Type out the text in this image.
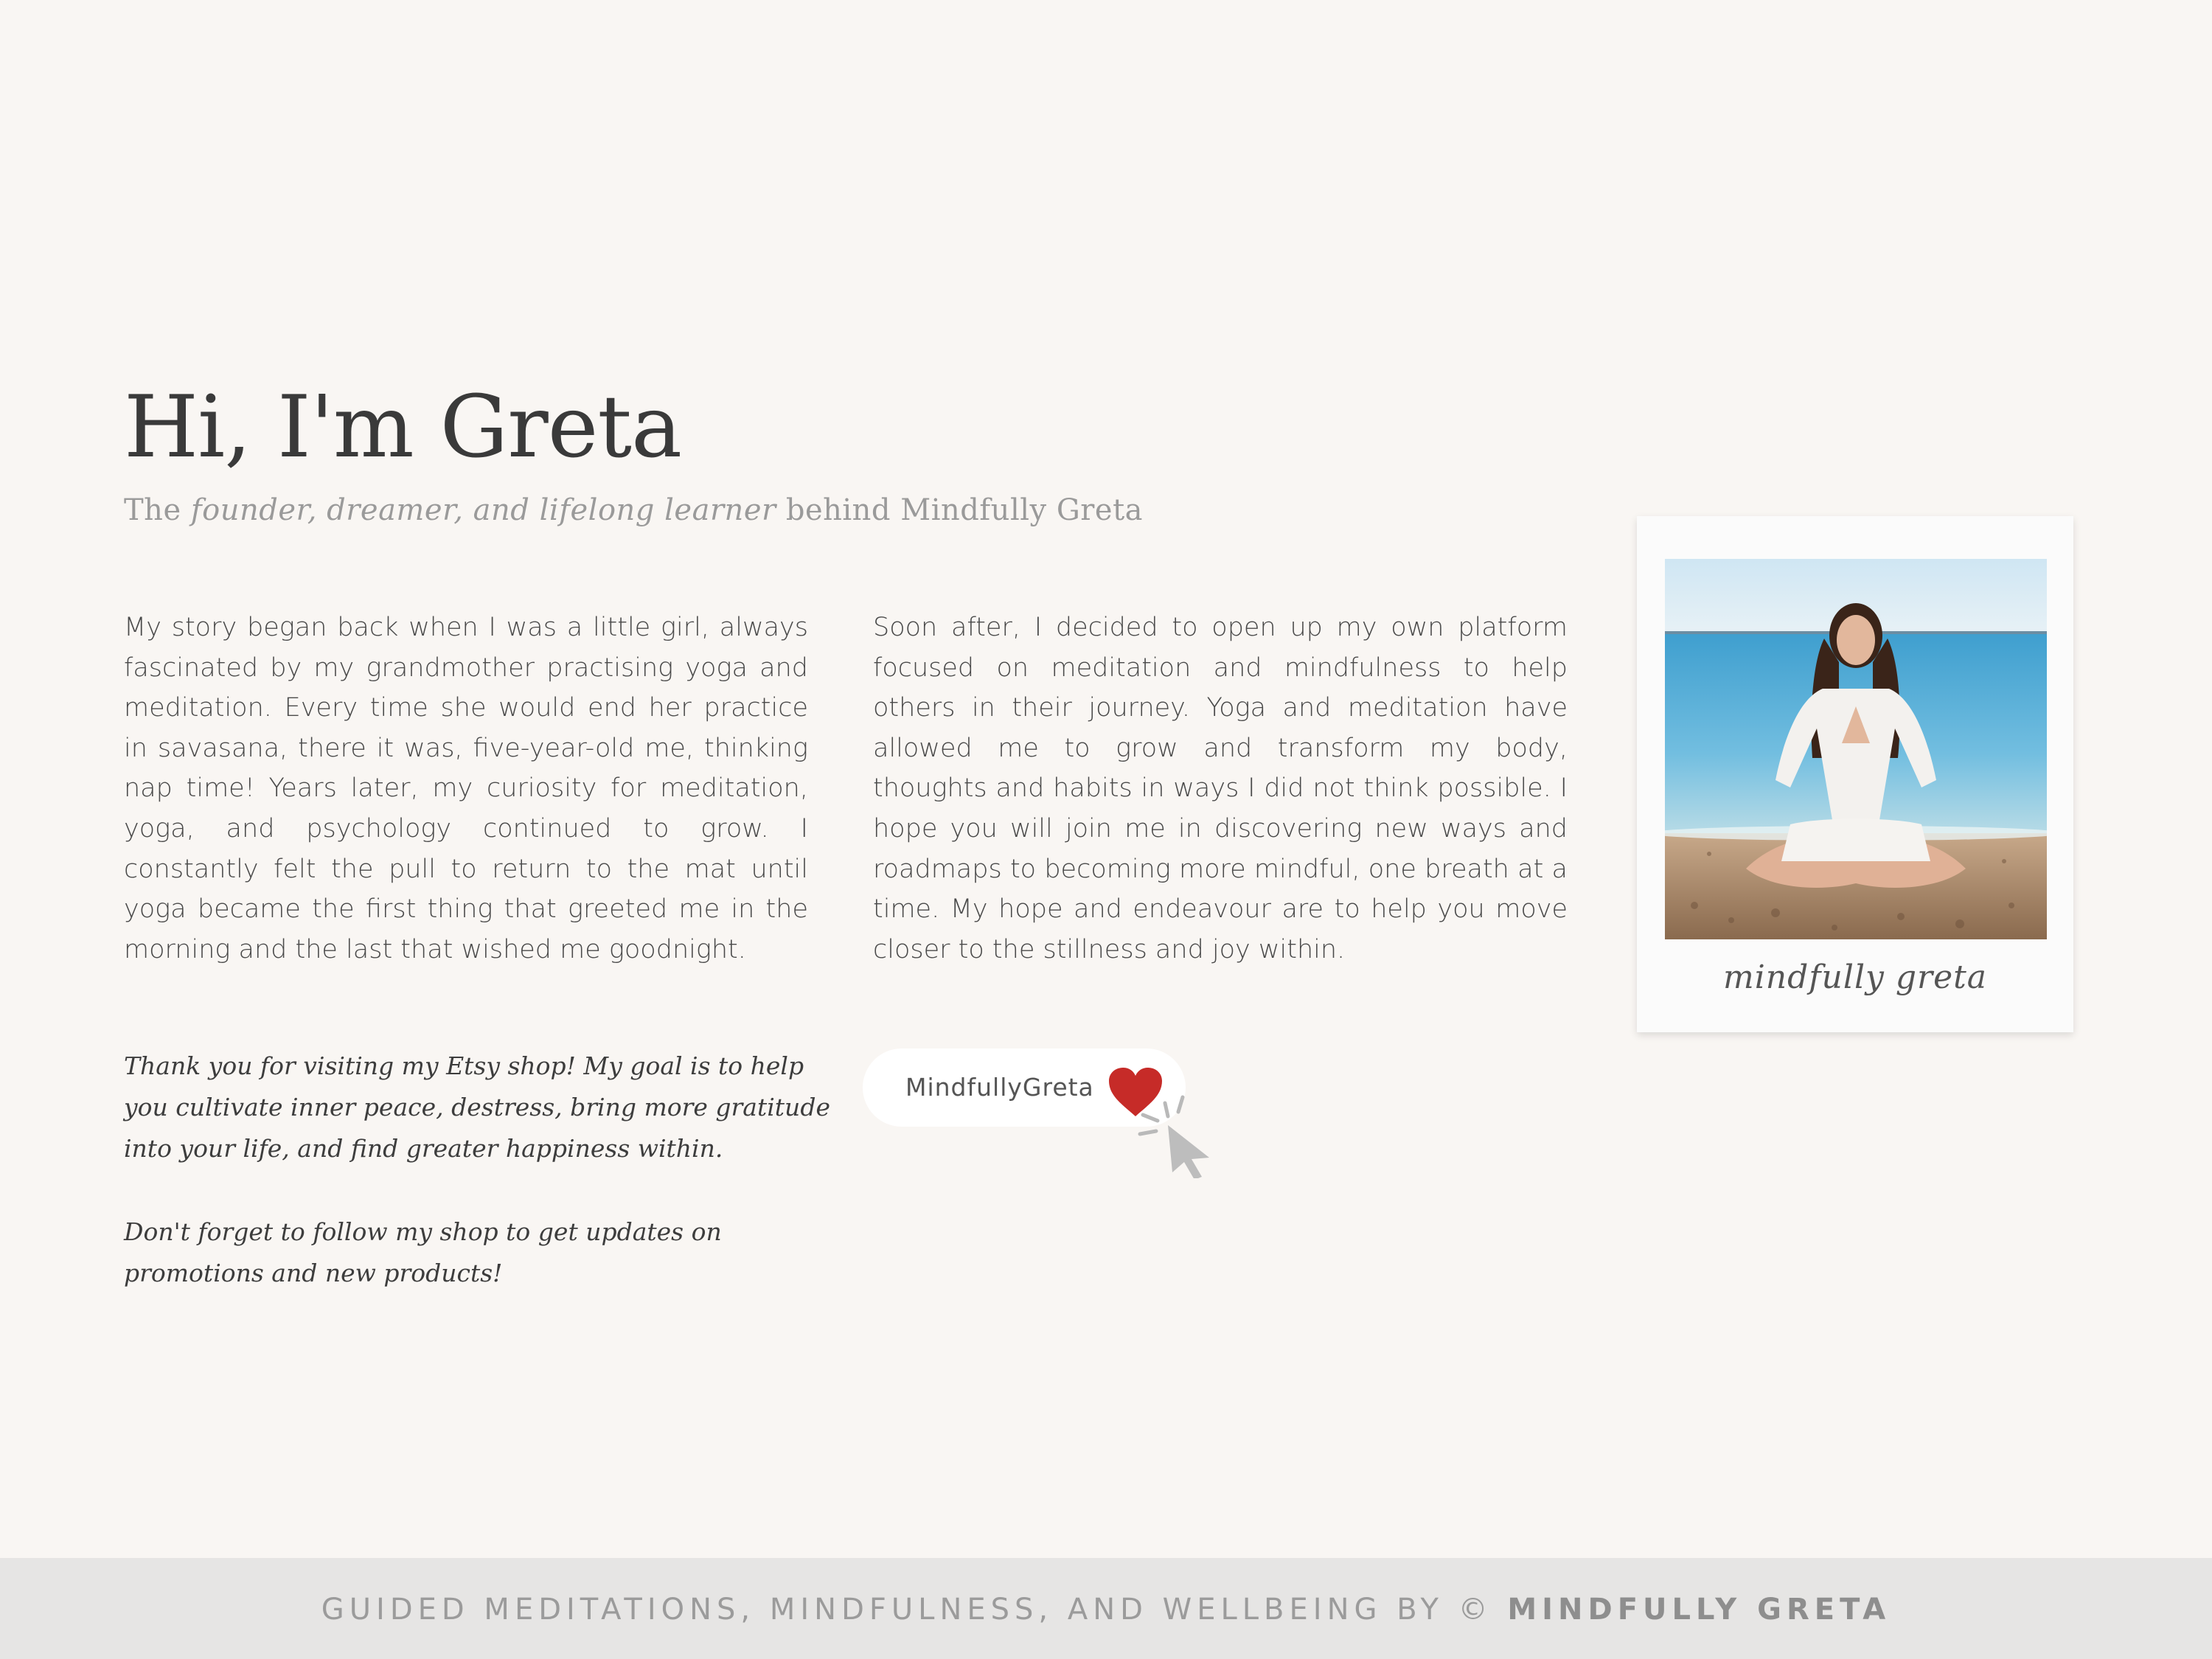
Hi, I'm Greta

The founder, dreamer, and lifelong learner behind Mindfully Greta

My story began back when I was a little girl, always fascinated by my grandmother practising yoga and meditation. Every time she would end her practice in savasana, there it was, five-year-old me, thinking nap time! Years later, my curiosity for meditation, yoga, and psychology continued to grow. I constantly felt the pull to return to the mat until yoga became the first thing that greeted me in the morning and the last that wished me goodnight.

Soon after, I decided to open up my own platform focused on meditation and mindfulness to help others in their journey. Yoga and meditation have allowed me to grow and transform my body, thoughts and habits in ways I did not think possible. I hope you will join me in discovering new ways and roadmaps to becoming more mindful, one breath at a time. My hope and endeavour are to help you move closer to the stillness and joy within.

Thank you for visiting my Etsy shop! My goal is to help you cultivate inner peace, destress, bring more gratitude into your life, and find greater happiness within.

Don't forget to follow my shop to get updates on promotions and new products!

MindfullyGreta
mindfully greta
GUIDED MEDITATIONS, MINDFULNESS, AND WELLBEING BY © MINDFULLY GRETA
